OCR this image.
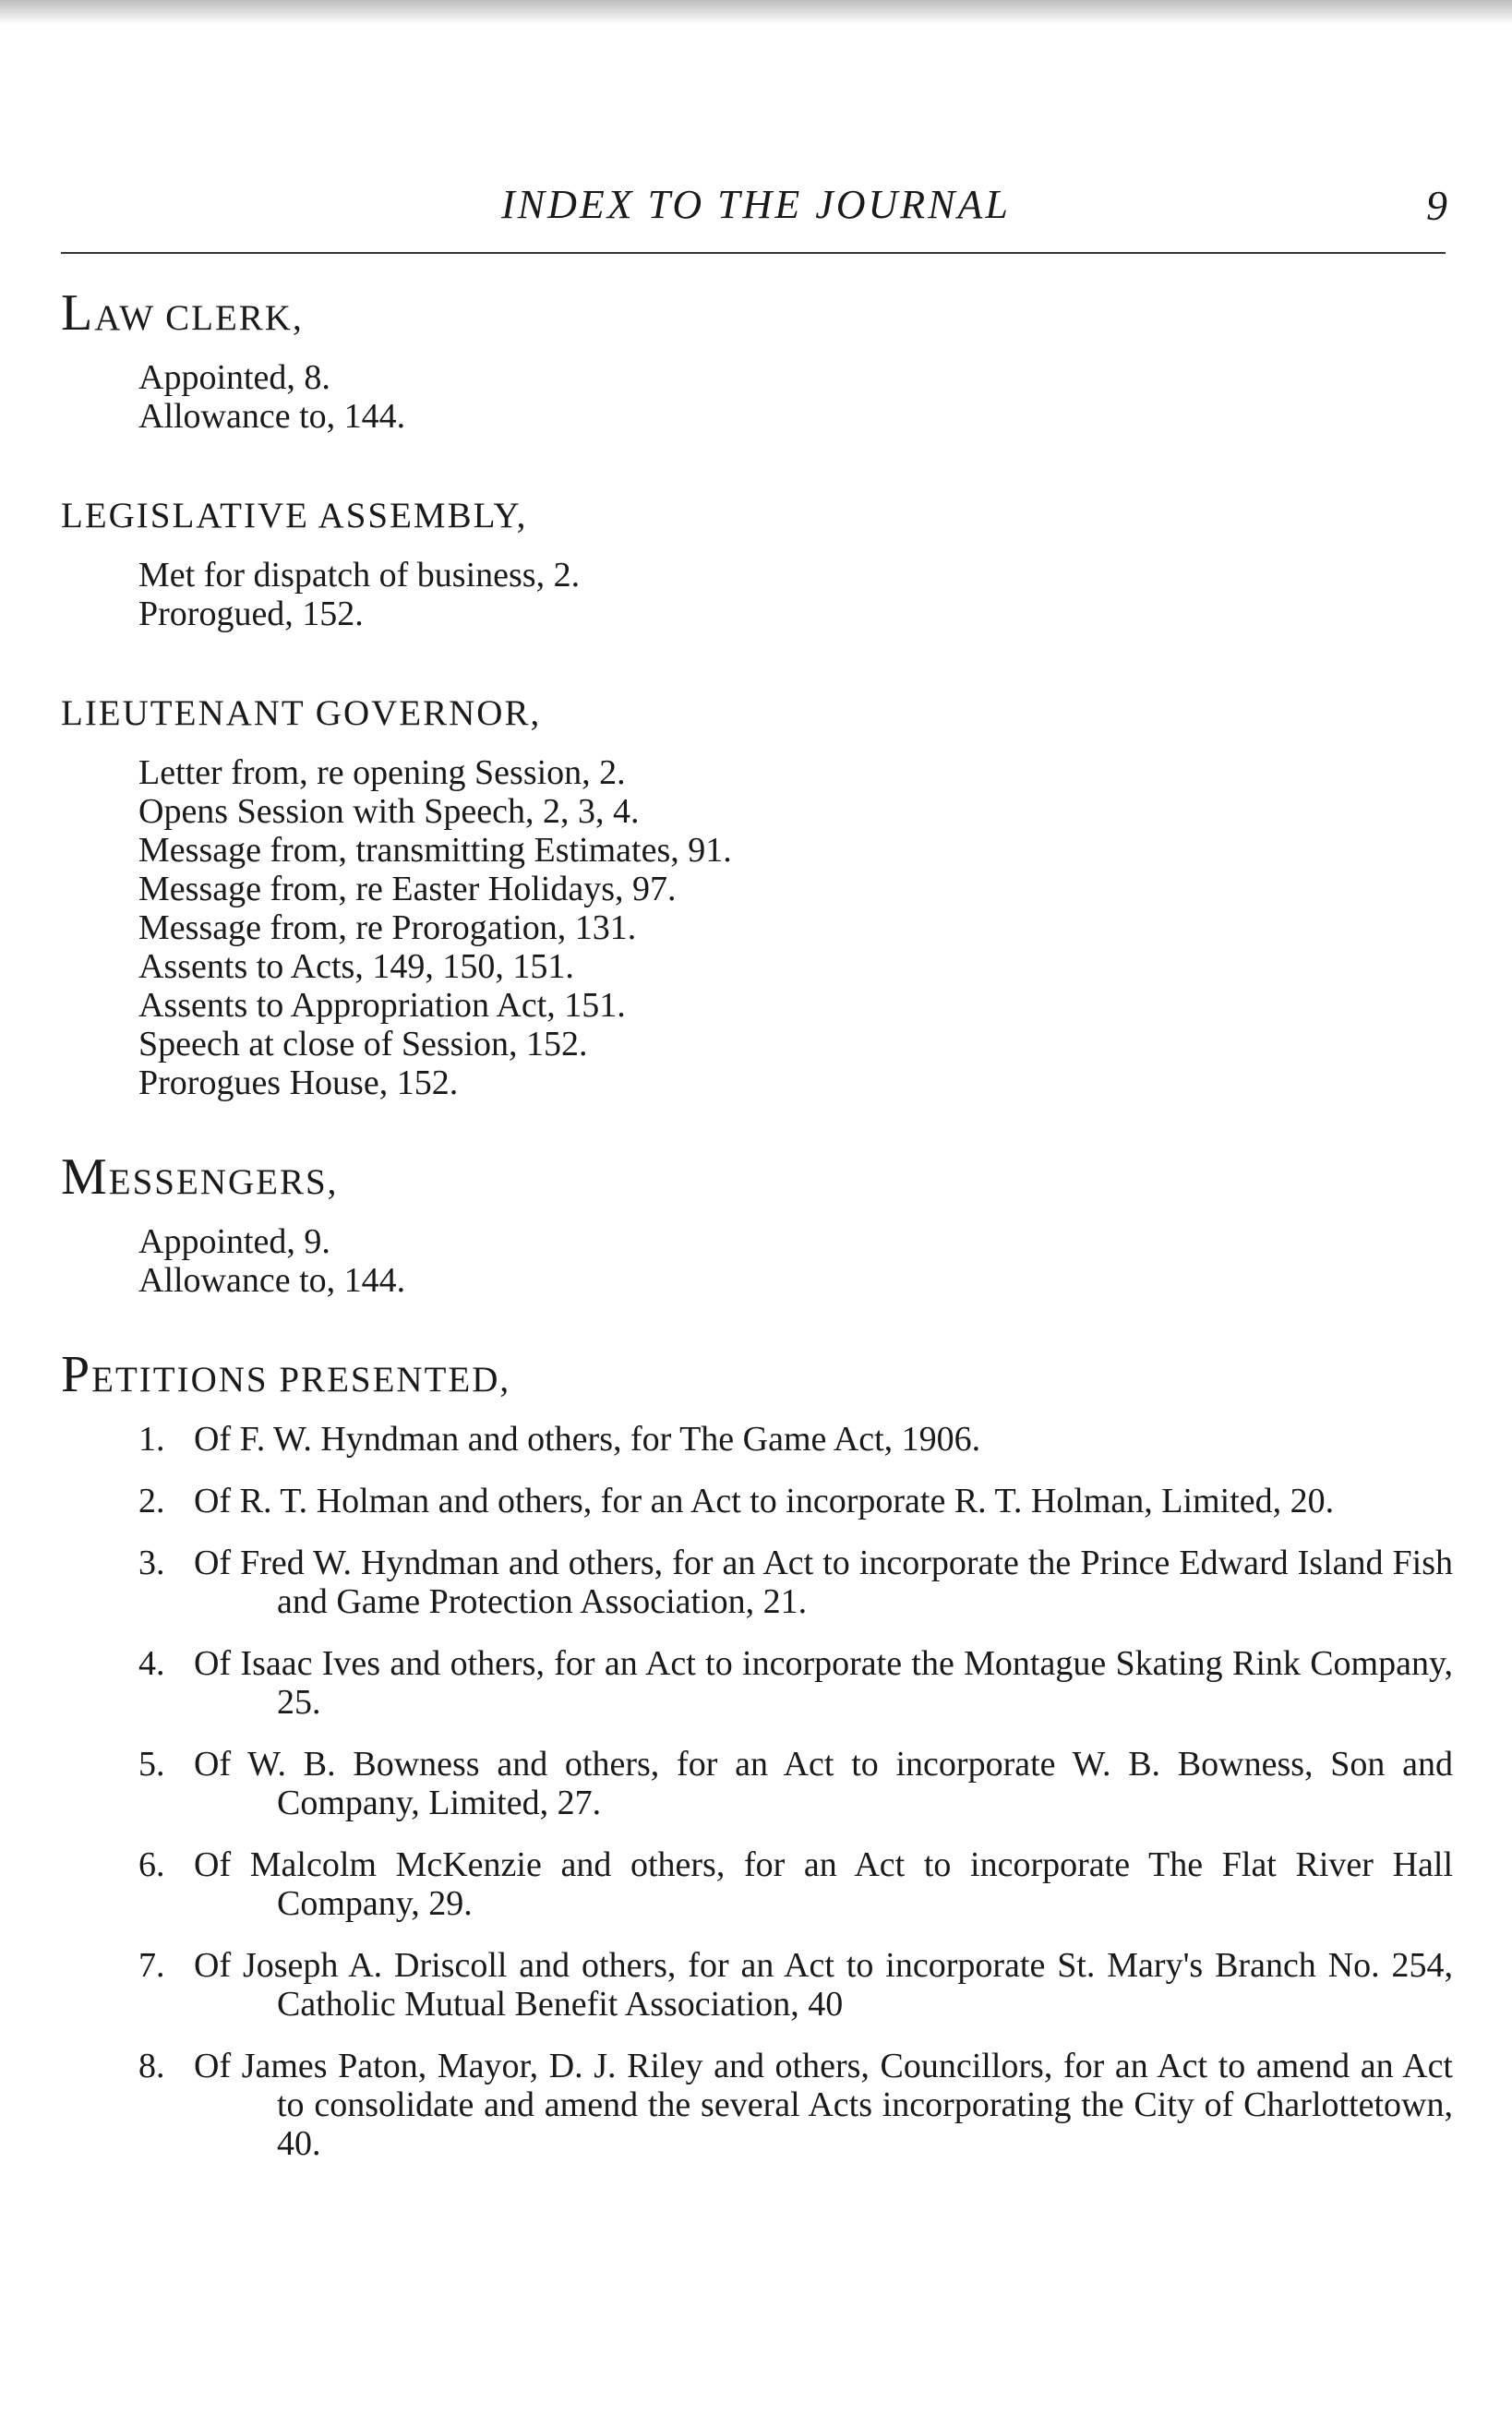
INDEX TO THE JOURNAL	9
LAW CLERK,
Appointed, 8.
Allowance to, 144.
LEGISLATIVE ASSEMBLY,
Met for dispatch of business, 2.
Prorogued, 152.
LIEUTENANT GOVERNOR,
Letter from, re opening Session, 2.
Opens Session with Speech, 2, 3, 4.
Message from, transmitting Estimates, 91.
Message from, re Easter Holidays, 97.
Message from, re Prorogation, 131.
Assents to Acts, 149, 150, 151.
Assents to Appropriation Act, 151.
Speech at close of Session, 152.
Prorogues House, 152.
MESSENGERS,
Appointed, 9.
Allowance to, 144.
PETITIONS PRESENTED,
1. Of F. W. Hyndman and others, for The Game Act, 1906.
2. Of R. T. Holman and others, for an Act to incorporate R. T. Holman, Limited, 20.
3. Of Fred W. Hyndman and others, for an Act to incorporate the Prince Edward Island Fish and Game Protection Association, 21.
4. Of Isaac Ives and others, for an Act to incorporate the Montague Skating Rink Company, 25.
5. Of W. B. Bowness and others, for an Act to incorporate W. B. Bowness, Son and Company, Limited, 27.
6. Of Malcolm McKenzie and others, for an Act to incorporate The Flat River Hall Company, 29.
7. Of Joseph A. Driscoll and others, for an Act to incorporate St. Mary's Branch No. 254, Catholic Mutual Benefit Association, 40
8. Of James Paton, Mayor, D. J. Riley and others, Councillors, for an Act to amend an Act to consolidate and amend the several Acts incorporating the City of Charlottetown, 40.
